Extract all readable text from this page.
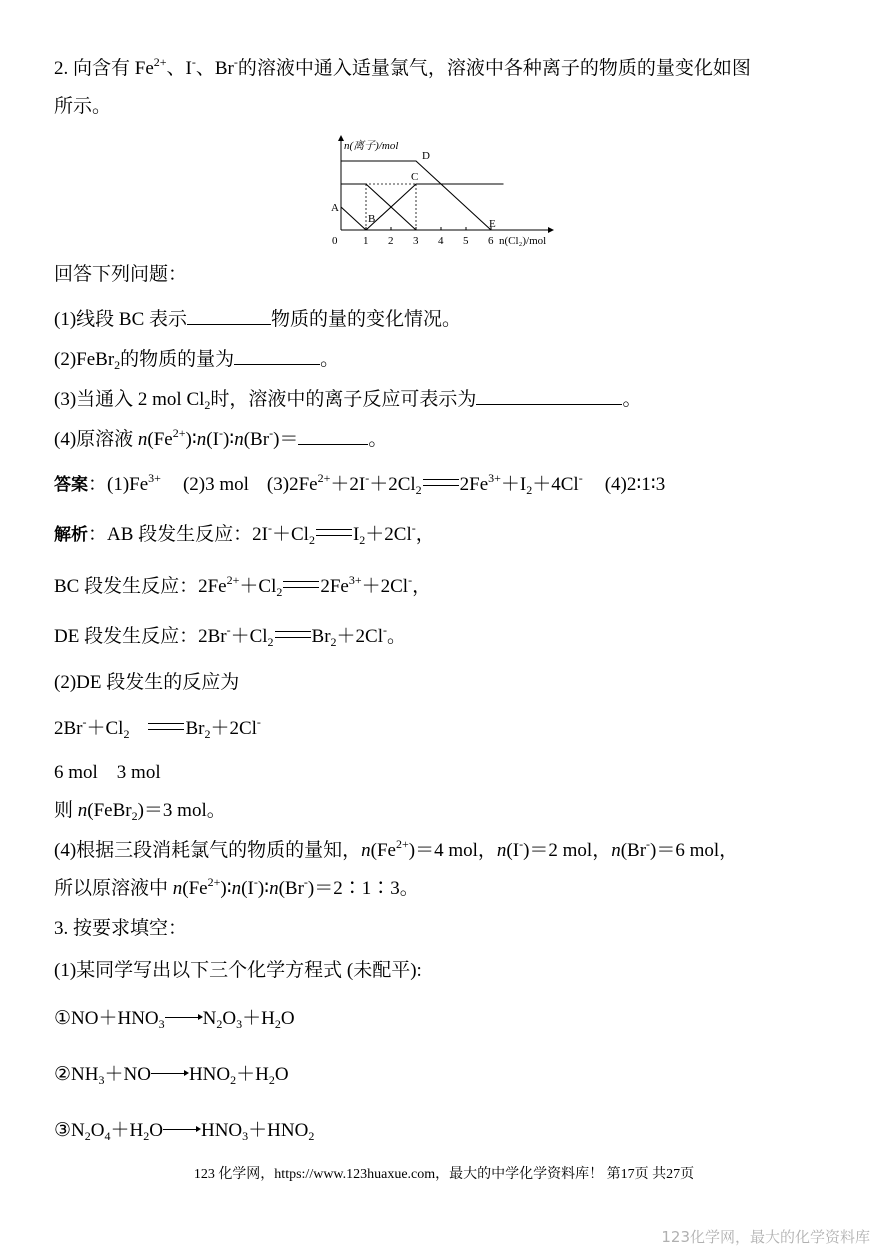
2. 向含有 $Fe^{2+}$、I-、Br-的溶液中通入适量氯气，溶液中各种离子的物质的量变化如图
所示。
0 1 2 3 4 5 6
A
B
C
D
E
n(离子)/mol
n(Cl₂)/mol
回答下列问题：
(1)线段 BC 表示	物质的量的变化情况。
(2)FeBr$_2$的物质的量为	。
(3)当通入 2 mol $Cl_2$时，溶液中的离子反应可表示为	。
(4)原溶液 $n(Fe^{2+})∶n(I^-)∶n(Br^-)=$	。
答案：$(1)Fe^{3+}$ (2)3 mol $(3)2Fe^{2+}+2I^-+2Cl_2$ $2Fe^{3+}+I_2+4Cl^-$ (4)2∶1∶3
解析：AB 段发生反应：$2I^-+Cl_2$ $I_2+2Cl^-$，
BC 段发生反应：$2Fe^{2+}+Cl_2$ $2Fe^{3+}+2Cl^-$，
DE 段发生反应：$2Br^-+Cl_2$ $Br_2+2Cl^-$。
(2)DE 段发生的反应为
$2Br^-+Cl_2$	$Br_2+2Cl^-$
6 mol    3 mol
则 n(FeBr$_2$)＝3 mol。
(4)根据三段消耗氯气的物质的量知，$n(Fe^{2+})=4$ mol，n(I-)＝2 mol，n(Br-)＝6 mol，
所以原溶液中 $n(Fe^{2+})∶n(I^-)∶n(Br^-)=2∶1∶3$。
3. 按要求填空：
(1)某同学写出以下三个化学方程式 (未配平):
$①NO+HNO_3$ $N_2O_3+H_2O$
$②NH_3+NO$ $HNO_2+H_2O$
$③N_2O_4+H_2O$ $HNO_3+HNO_2$
123 化学网，https://www.123huaxue.com，最大的中学化学资料库！ 第17页 共27页
123化学网，最大的化学资料库
